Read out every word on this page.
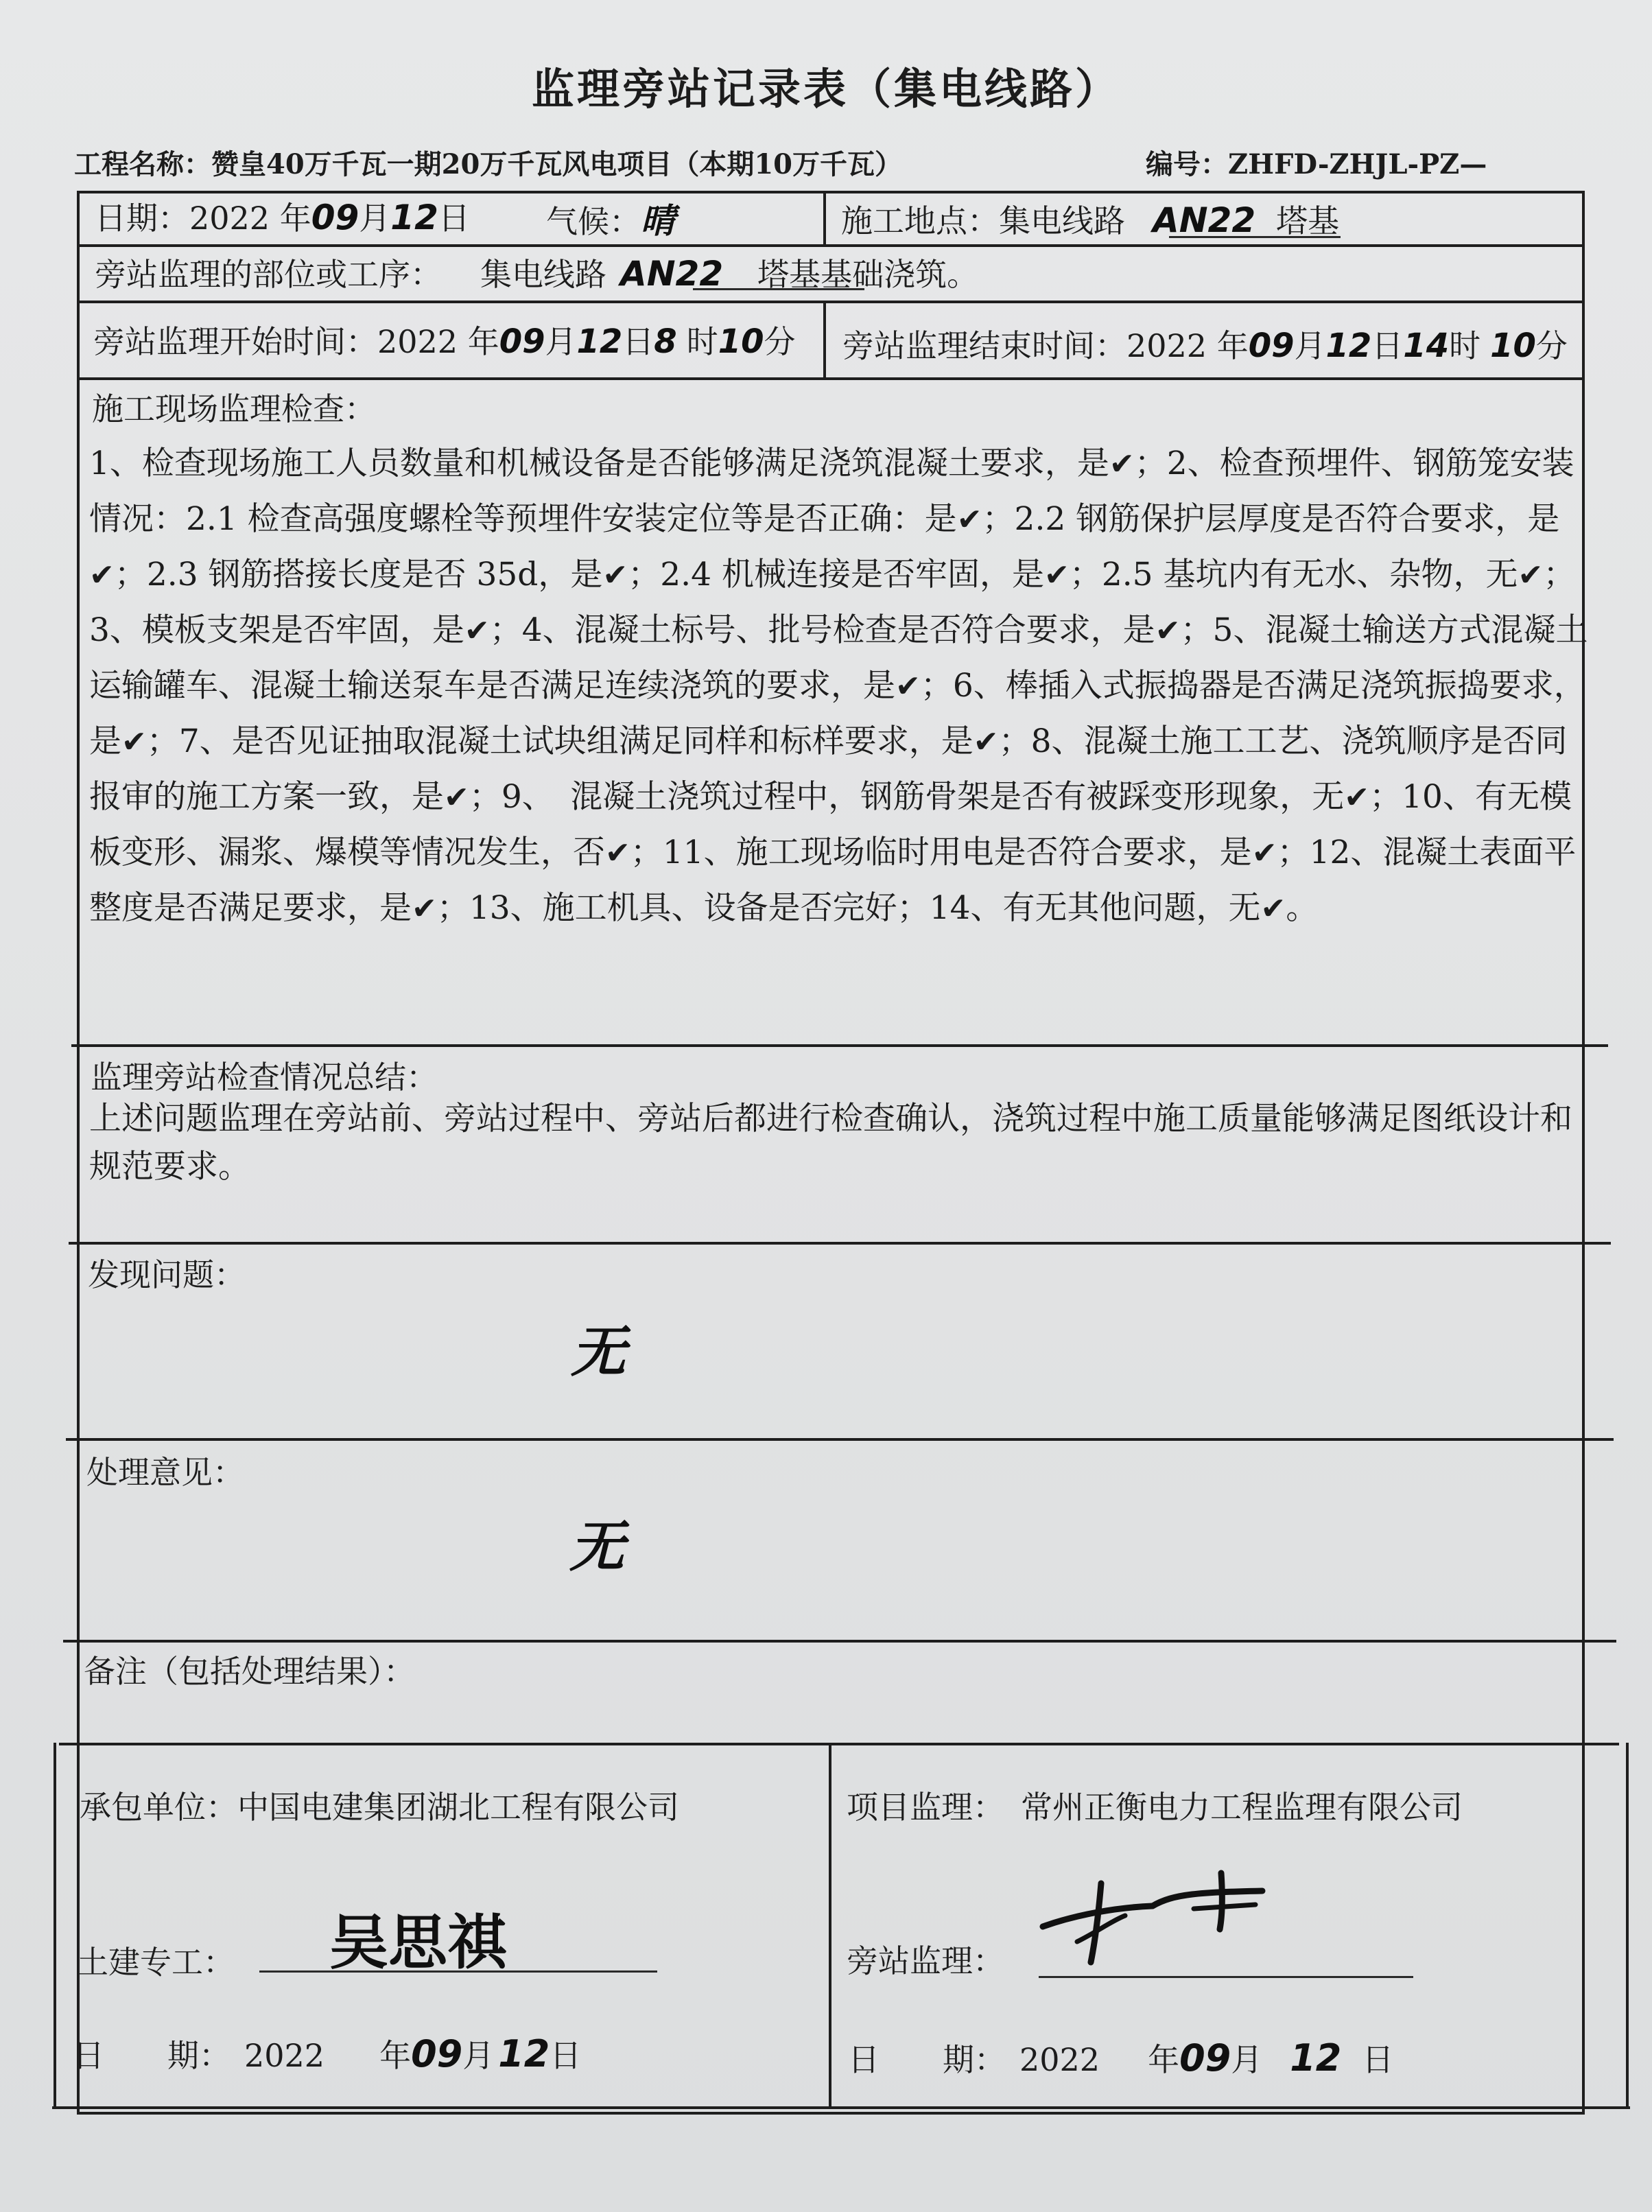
监理旁站记录表（集电线路）
工程名称：赞皇40万千瓦一期20万千瓦风电项目（本期10万千瓦）	编号：ZHFD-ZHJL-PZ—
日期：2022 年09月12日 气候：晴	施工地点：集电线路 AN22 塔基
旁站监理的部位或工序： 集电线路 AN22 塔基基础浇筑。
旁站监理开始时间：2022 年09月12日8 时10分 旁站监理结束时间：2022 年09月12日14时 10分
施工现场监理检查：

1、检查现场施工人员数量和机械设备是否能够满足浇筑混凝土要求，是✔；2、检查预埋件、钢筋笼安装情况：2.1 检查高强度螺栓等预埋件安装定位等是否正确：是✔；2.2 钢筋保护层厚度是否符合要求，是✔；2.3 钢筋搭接长度是否 35d，是✔；2.4 机械连接是否牢固，是✔；2.5 基坑内有无水、杂物，无✔；3、模板支架是否牢固，是✔；4、混凝土标号、批号检查是否符合要求，是✔；5、混凝土输送方式混凝土运输罐车、混凝土输送泵车是否满足连续浇筑的要求，是✔；6、棒插入式振捣器是否满足浇筑振捣要求，是✔；7、是否见证抽取混凝土试块组满足同样和标样要求，是✔；8、混凝土施工工艺、浇筑顺序是否同报审的施工方案一致，是✔；9、　混凝土浇筑过程中，钢筋骨架是否有被踩变形现象，无✔；10、有无模板变形、漏浆、爆模等情况发生，否✔；11、施工现场临时用电是否符合要求，是✔；12、混凝土表面平整度是否满足要求，是✔；13、施工机具、设备是否完好；14、有无其他问题，无✔。

监理旁站检查情况总结：
上述问题监理在旁站前、旁站过程中、旁站后都进行检查确认，浇筑过程中施工质量能够满足图纸设计和规范要求。
发现问题：
无
处理意见：
无
备注（包括处理结果）：
承包单位：中国电建集团湖北工程有限公司
土建专工： 吴思祺
日　　期： 2022 年09月 12日
项目监理： 常州正衡电力工程监理有限公司
旁站监理：
日　　期： 2022 年09月 12 日
